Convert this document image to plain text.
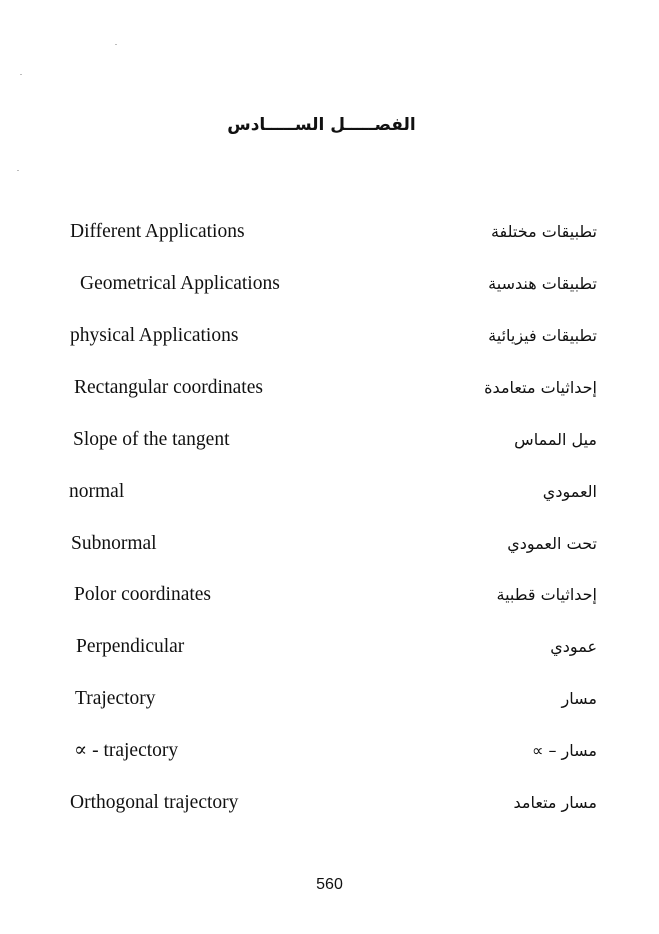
الفصـــــل الســـــادس
Different Applications	تطبيقات مختلفة
Geometrical Applications	تطبيقات هندسية
physical Applications	تطبيقات فيزيائية
Rectangular coordinates	إحداثيات متعامدة
Slope of the tangent	ميل المماس
normal	العمودي
Subnormal	تحت العمودي
Polor coordinates	إحداثيات قطبية
Perpendicular	عمودي
Trajectory	مسار
∝ - trajectory	مسار – ∝
Orthogonal trajectory	مسار متعامد
560
